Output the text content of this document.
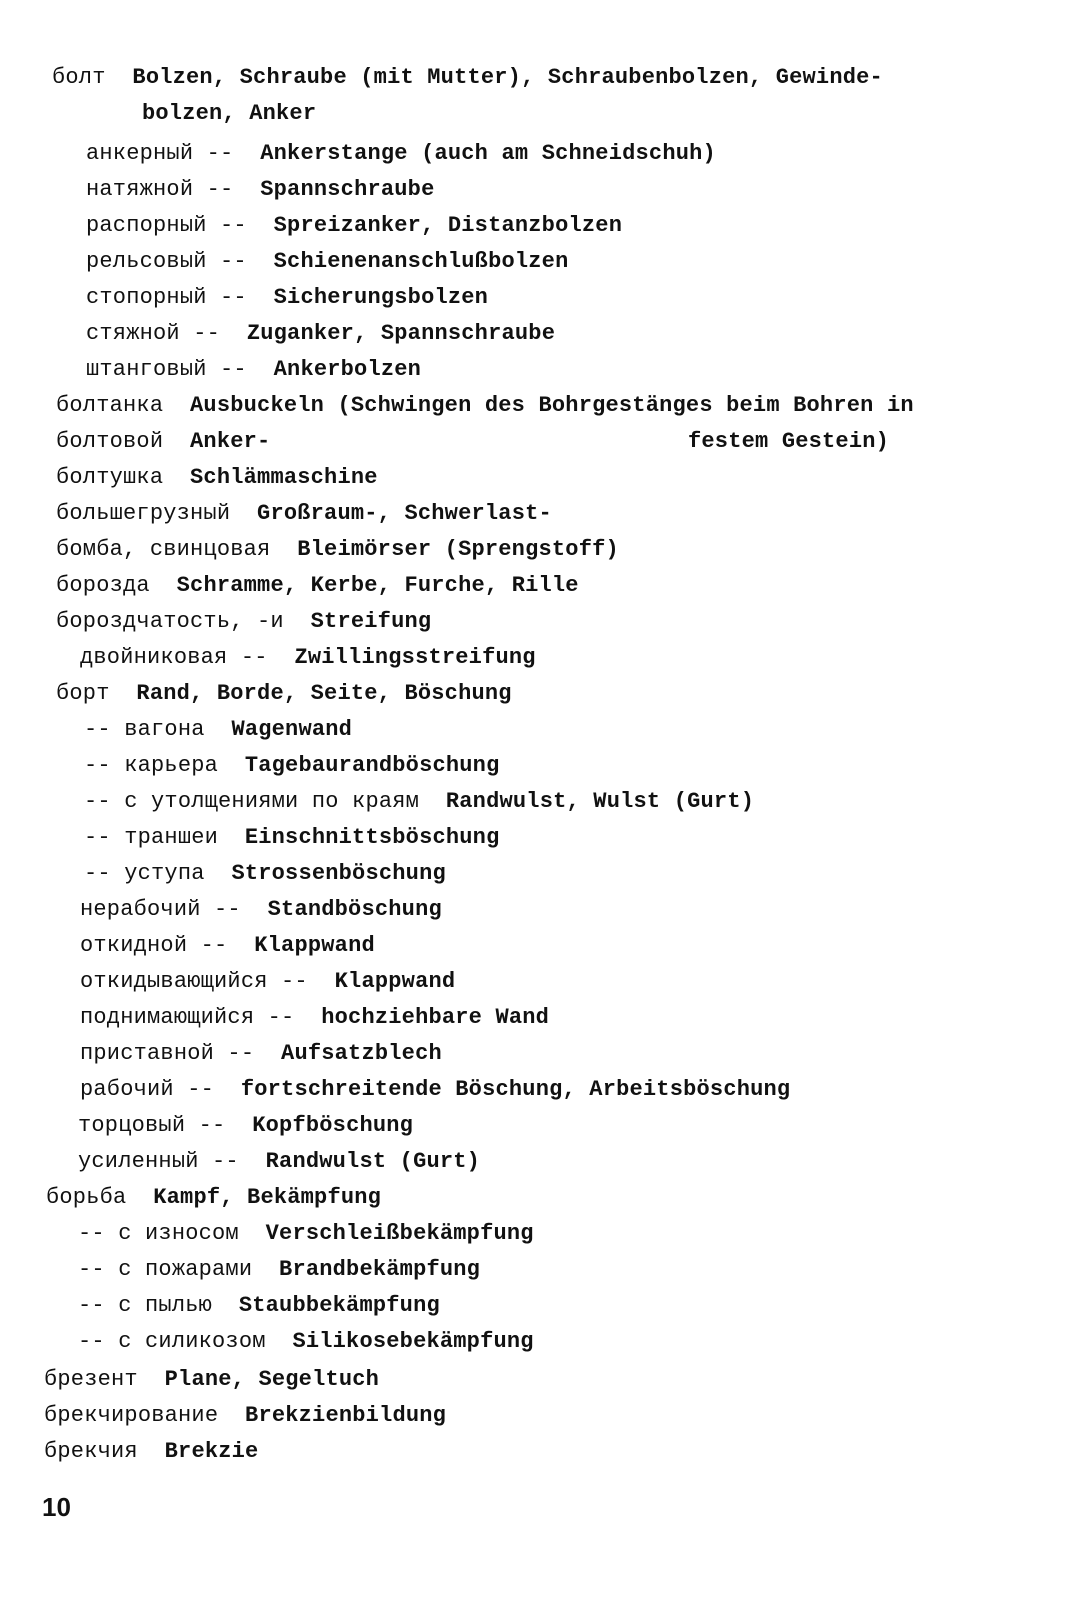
болт Bolzen, Schraube (mit Mutter), Schraubenbolzen, Gewinde-
bolzen, Anker
анкерный -- Ankerstange (auch am Schneidschuh)
натяжной -- Spannschraube
распорный -- Spreizanker, Distanzbolzen
рельсовый -- Schienenanschlußbolzen
стопорный -- Sicherungsbolzen
стяжной -- Zuganker, Spannschraube
штанговый -- Ankerbolzen
болтанка Ausbuckeln (Schwingen des Bohrgestänges beim Bohren in
болтовой Anker-	festem Gestein)
болтушка Schlämmaschine
большегрузный Großraum-, Schwerlast-
бомба, свинцовая Bleimörser (Sprengstoff)
борозда Schramme, Kerbe, Furche, Rille
бороздчатость, -и Streifung
двойниковая -- Zwillingsstreifung
борт Rand, Borde, Seite, Böschung
-- вагона Wagenwand
-- карьера Tagebaurandböschung
-- с утолщениями по краям Randwulst, Wulst (Gurt)
-- траншеи Einschnittsböschung
-- уступа Strossenböschung
нерабочий -- Standböschung
откидной -- Klappwand
откидывающийся -- Klappwand
поднимающийся -- hochziehbare Wand
приставной -- Aufsatzblech
рабочий -- fortschreitende Böschung, Arbeitsböschung
торцовый -- Kopfböschung
усиленный -- Randwulst (Gurt)
борьба Kampf, Bekämpfung
-- с износом Verschleißbekämpfung
-- с пожарами Brandbekämpfung
-- с пылью Staubbekämpfung
-- с силикозом Silikosebekämpfung
брезент Plane, Segeltuch
брекчирование Brekzienbildung
брекчия Brekzie
10
